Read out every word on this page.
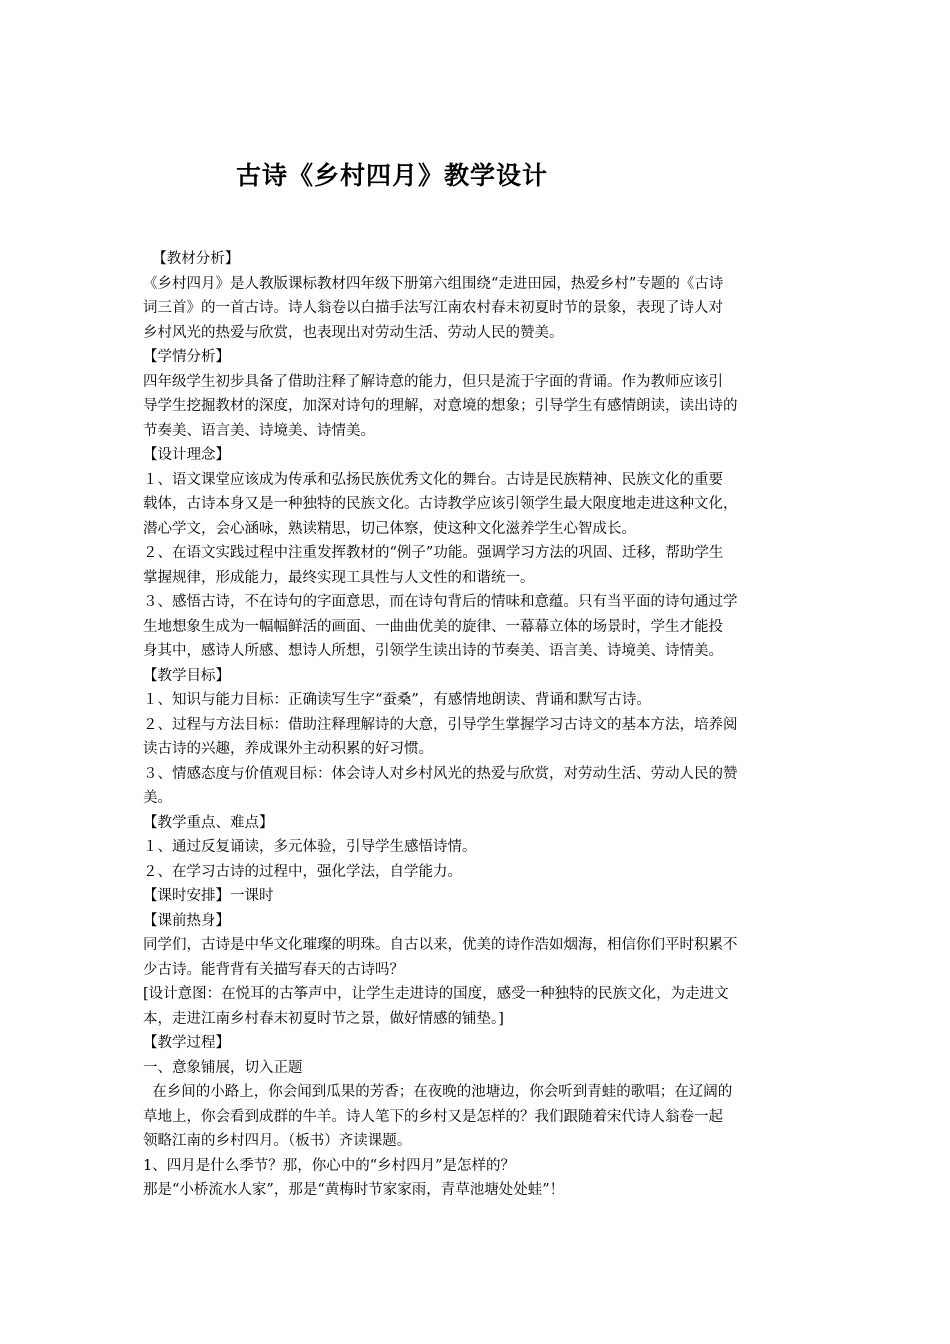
古诗《乡村四月》教学设计
【教材分析】
《乡村四月》是人教版课标教材四年级下册第六组围绕“走进田园，热爱乡村”专题的《古诗
词三首》的一首古诗。诗人翁卷以白描手法写江南农村春末初夏时节的景象，表现了诗人对
乡村风光的热爱与欣赏，也表现出对劳动生活、劳动人民的赞美。
【学情分析】
四年级学生初步具备了借助注释了解诗意的能力，但只是流于字面的背诵。作为教师应该引
导学生挖掘教材的深度，加深对诗句的理解，对意境的想象；引导学生有感情朗读，读出诗的
节奏美、语言美、诗境美、诗情美。
【设计理念】
１、语文课堂应该成为传承和弘扬民族优秀文化的舞台。古诗是民族精神、民族文化的重要
载体，古诗本身又是一种独特的民族文化。古诗教学应该引领学生最大限度地走进这种文化，
潜心学文，会心涵咏，熟读精思，切己体察，使这种文化滋养学生心智成长。
２、在语文实践过程中注重发挥教材的“例子”功能。强调学习方法的巩固、迁移，帮助学生
掌握规律，形成能力，最终实现工具性与人文性的和谐统一。
３、感悟古诗，不在诗句的字面意思，而在诗句背后的情味和意蕴。只有当平面的诗句通过学
生地想象生成为一幅幅鲜活的画面、一曲曲优美的旋律、一幕幕立体的场景时，学生才能投
身其中，感诗人所感、想诗人所想，引领学生读出诗的节奏美、语言美、诗境美、诗情美。
【教学目标】
１、知识与能力目标：正确读写生字“蚕桑”，有感情地朗读、背诵和默写古诗。
２、过程与方法目标：借助注释理解诗的大意，引导学生掌握学习古诗文的基本方法，培养阅
读古诗的兴趣，养成课外主动积累的好习惯。
３、情感态度与价值观目标：体会诗人对乡村风光的热爱与欣赏，对劳动生活、劳动人民的赞
美。
【教学重点、难点】
１、通过反复诵读，多元体验，引导学生感悟诗情。
２、在学习古诗的过程中，强化学法，自学能力。
【课时安排】一课时
【课前热身】
同学们，古诗是中华文化璀璨的明珠。自古以来，优美的诗作浩如烟海，相信你们平时积累不
少古诗。能背背有关描写春天的古诗吗？
[设计意图：在悦耳的古筝声中，让学生走进诗的国度，感受一种独特的民族文化，为走进文
本，走进江南乡村春末初夏时节之景，做好情感的铺垫。]
【教学过程】
一、意象铺展，切入正题
在乡间的小路上，你会闻到瓜果的芳香；在夜晚的池塘边，你会听到青蛙的歌唱；在辽阔的
草地上，你会看到成群的牛羊。诗人笔下的乡村又是怎样的？我们跟随着宋代诗人翁卷一起
领略江南的乡村四月。（板书）齐读课题。
1、四月是什么季节？那，你心中的“乡村四月”是怎样的？
那是“小桥流水人家”，那是“黄梅时节家家雨，青草池塘处处蛙”！
